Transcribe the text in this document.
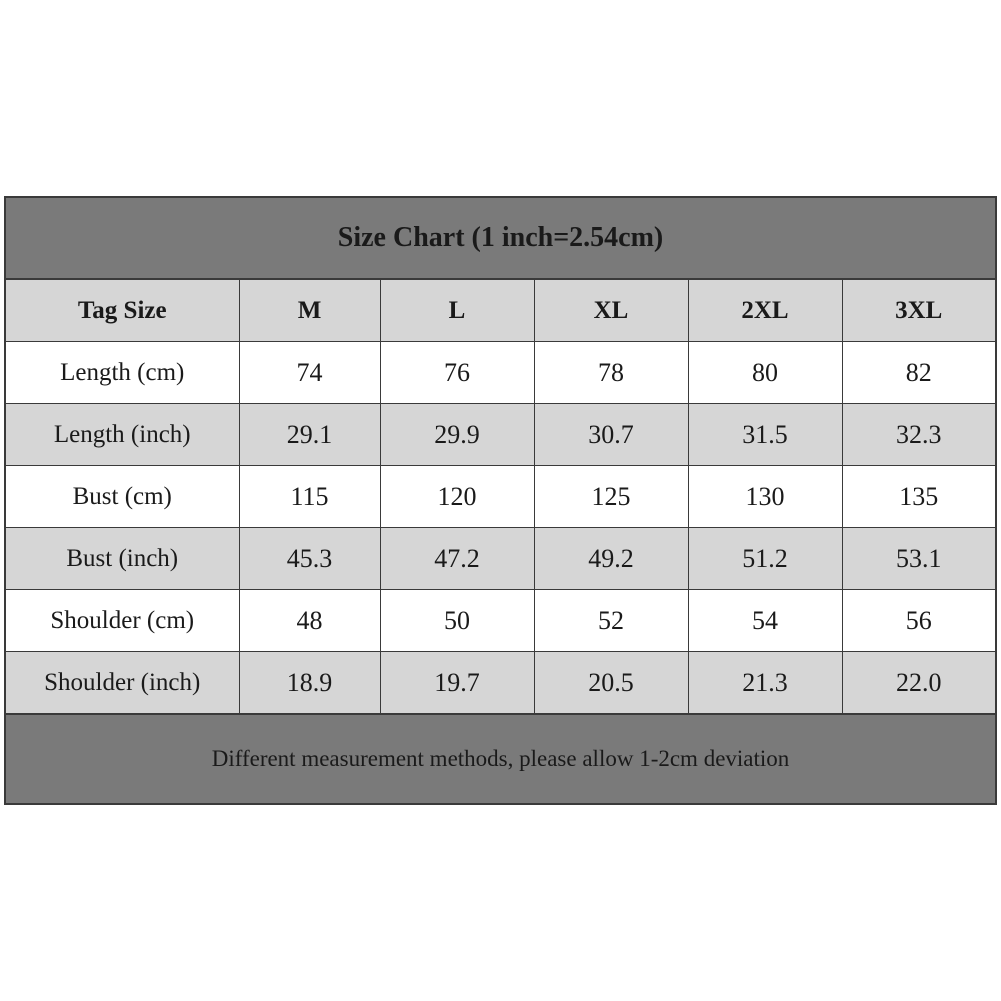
Size Chart (1 inch=2.54cm)
Tag Size	M	L	XL	2XL	3XL
Length (cm)	74	76	78	80	82
Length (inch)	29.1	29.9	30.7	31.5	32.3
Bust (cm)	115	120	125	130	135
Bust (inch)	45.3	47.2	49.2	51.2	53.1
Shoulder (cm)	48	50	52	54	56
Shoulder (inch)	18.9	19.7	20.5	21.3	22.0
Different measurement methods, please allow 1-2cm deviation
